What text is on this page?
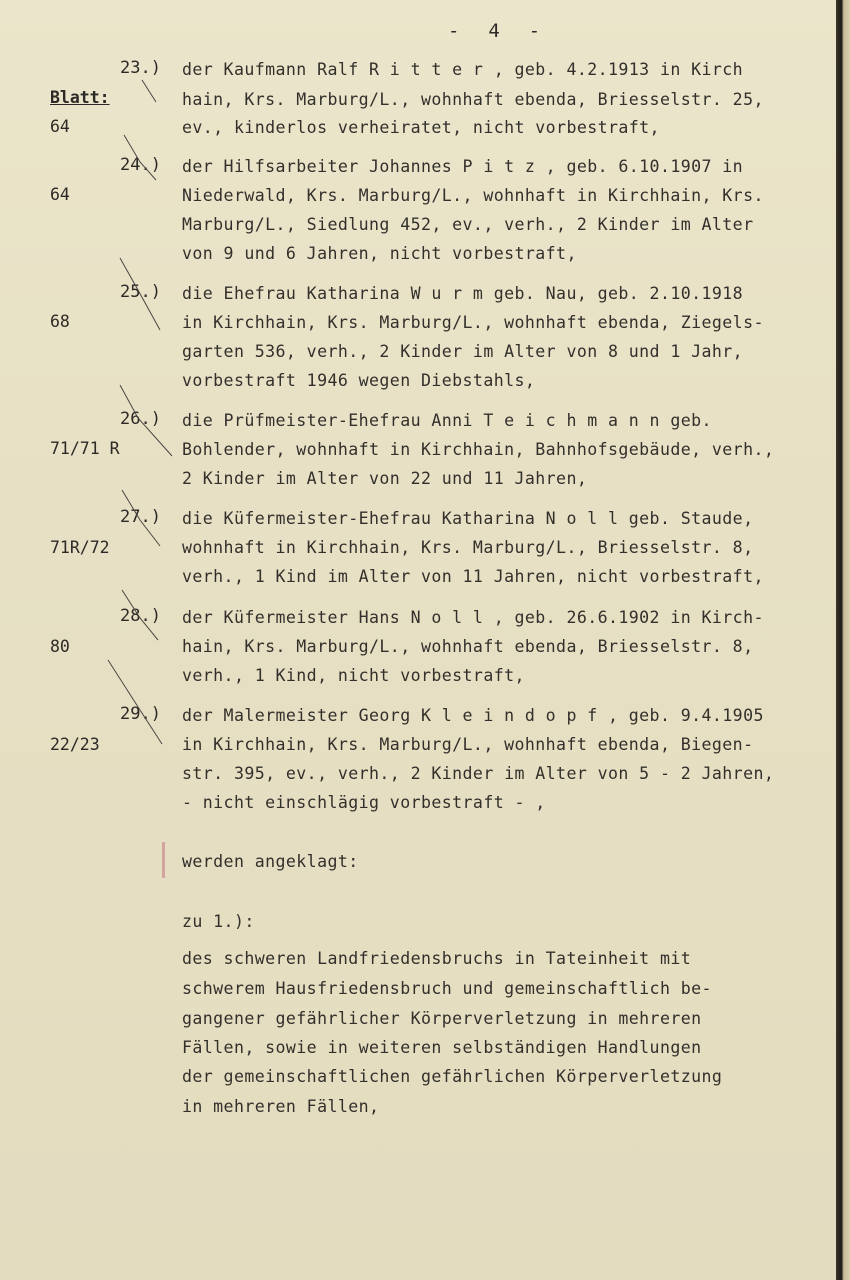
-  4  -
Blatt:
23.)
64
der Kaufmann Ralf R i t t e r , geb. 4.2.1913 in Kirch
hain, Krs. Marburg/L., wohnhaft ebenda, Briesselstr. 25,
ev., kinderlos verheiratet, nicht vorbestraft,
24.)
64
der Hilfsarbeiter Johannes P i t z , geb. 6.10.1907 in
Niederwald, Krs. Marburg/L., wohnhaft in Kirchhain, Krs.
Marburg/L., Siedlung 452, ev., verh., 2 Kinder im Alter
von 9 und 6 Jahren, nicht vorbestraft,
25.)
68
die Ehefrau Katharina W u r m geb. Nau, geb. 2.10.1918
in Kirchhain, Krs. Marburg/L., wohnhaft ebenda, Ziegels-
garten 536, verh., 2 Kinder im Alter von 8 und 1 Jahr,
vorbestraft 1946 wegen Diebstahls,
26.)
71/71 R
die Prüfmeister-Ehefrau Anni T e i c h m a n n geb.
Bohlender, wohnhaft in Kirchhain, Bahnhofsgebäude, verh.,
2 Kinder im Alter von 22 und 11 Jahren,
27.)
71R/72
die Küfermeister-Ehefrau Katharina N o l l geb. Staude,
wohnhaft in Kirchhain, Krs. Marburg/L., Briesselstr. 8,
verh., 1 Kind im Alter von 11 Jahren, nicht vorbestraft,
28.)
80
der Küfermeister Hans N o l l , geb. 26.6.1902 in Kirch-
hain, Krs. Marburg/L., wohnhaft ebenda, Briesselstr. 8,
verh., 1 Kind, nicht vorbestraft,
29.)
22/23
der Malermeister Georg K l e i n d o p f , geb. 9.4.1905
in Kirchhain, Krs. Marburg/L., wohnhaft ebenda, Biegen-
str. 395, ev., verh., 2 Kinder im Alter von 5 - 2 Jahren,
- nicht einschlägig vorbestraft - ,
werden angeklagt:
zu 1.):
des schweren Landfriedensbruchs in Tateinheit mit
schwerem Hausfriedensbruch und gemeinschaftlich be-
gangener gefährlicher Körperverletzung in mehreren
Fällen, sowie in weiteren selbständigen Handlungen
der gemeinschaftlichen gefährlichen Körperverletzung
in mehreren Fällen,
